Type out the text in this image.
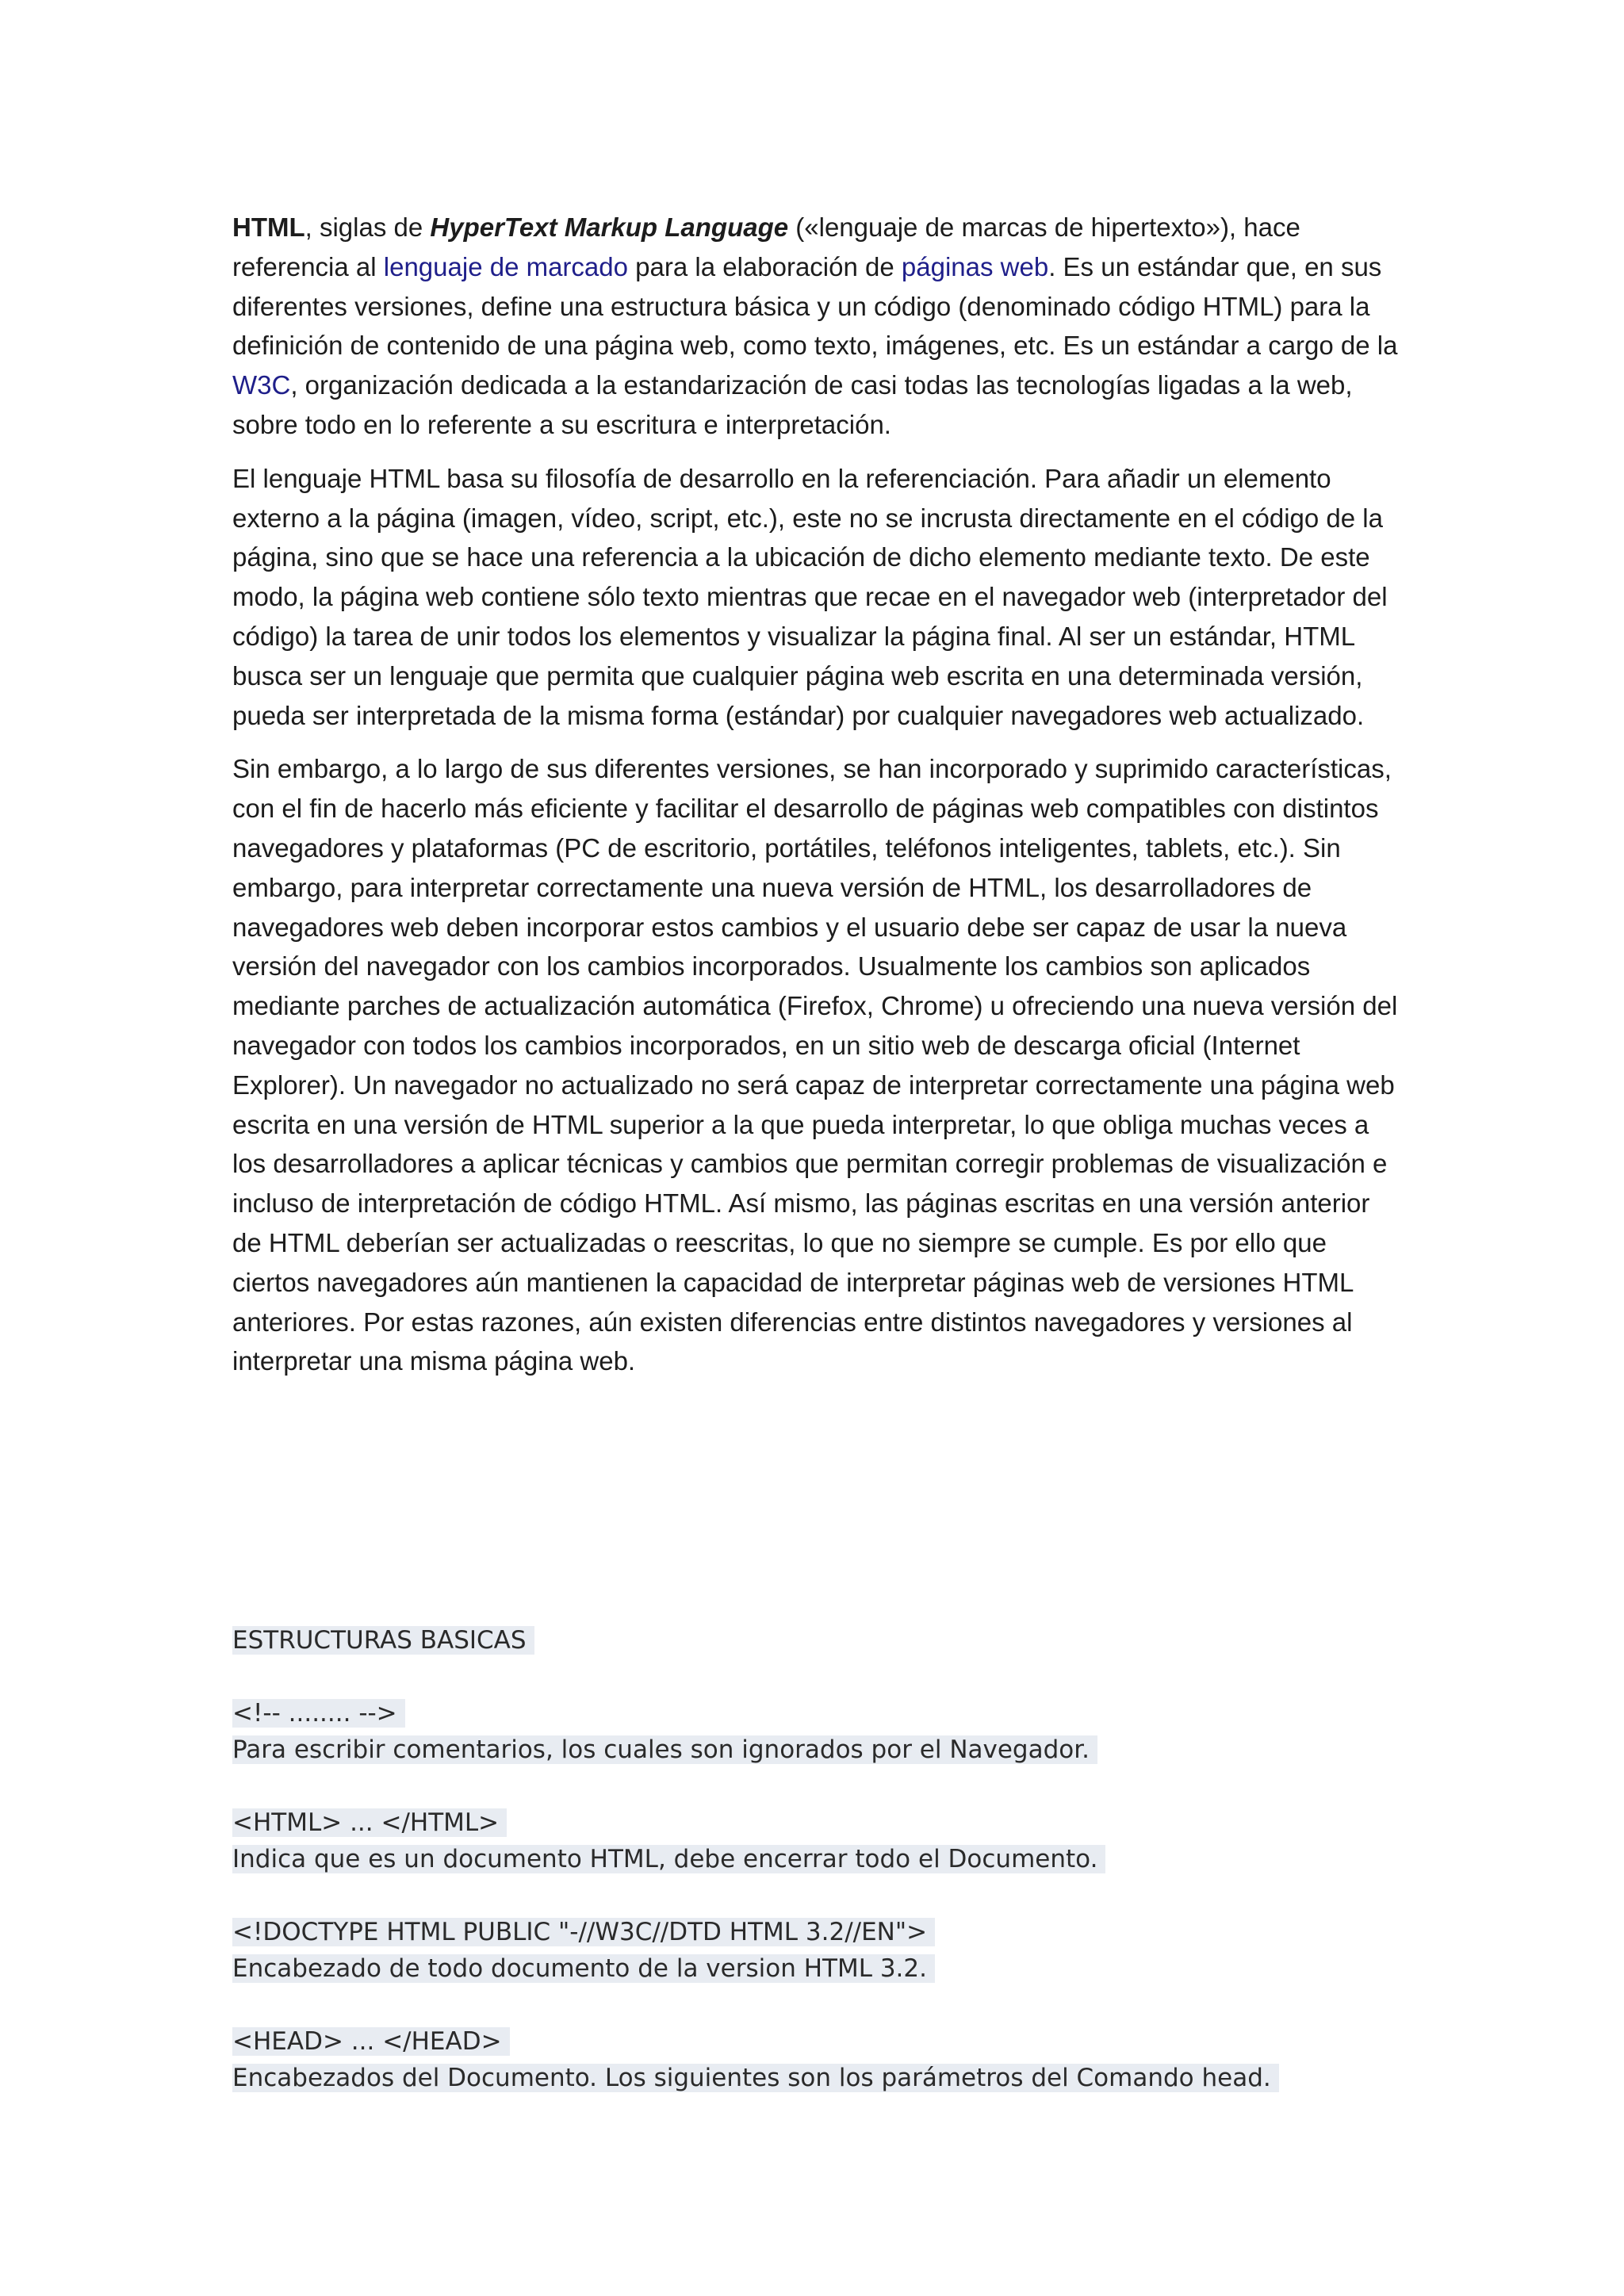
HTML, siglas de HyperText Markup Language («lenguaje de marcas de hipertexto»), hace referencia al lenguaje de marcado para la elaboración de páginas web. Es un estándar que, en sus diferentes versiones, define una estructura básica y un código (denominado código HTML) para la definición de contenido de una página web, como texto, imágenes, etc. Es un estándar a cargo de la W3C, organización dedicada a la estandarización de casi todas las tecnologías ligadas a la web, sobre todo en lo referente a su escritura e interpretación.

El lenguaje HTML basa su filosofía de desarrollo en la referenciación. Para añadir un elemento externo a la página (imagen, vídeo, script, etc.), este no se incrusta directamente en el código de la página, sino que se hace una referencia a la ubicación de dicho elemento mediante texto. De este modo, la página web contiene sólo texto mientras que recae en el navegador web (interpretador del código) la tarea de unir todos los elementos y visualizar la página final. Al ser un estándar, HTML busca ser un lenguaje que permita que cualquier página web escrita en una determinada versión, pueda ser interpretada de la misma forma (estándar) por cualquier navegadores web actualizado.

Sin embargo, a lo largo de sus diferentes versiones, se han incorporado y suprimido características, con el fin de hacerlo más eficiente y facilitar el desarrollo de páginas web compatibles con distintos navegadores y plataformas (PC de escritorio, portátiles, teléfonos inteligentes, tablets, etc.). Sin embargo, para interpretar correctamente una nueva versión de HTML, los desarrolladores de navegadores web deben incorporar estos cambios y el usuario debe ser capaz de usar la nueva versión del navegador con los cambios incorporados. Usualmente los cambios son aplicados mediante parches de actualización automática (Firefox, Chrome) u ofreciendo una nueva versión del navegador con todos los cambios incorporados, en un sitio web de descarga oficial (Internet Explorer). Un navegador no actualizado no será capaz de interpretar correctamente una página web escrita en una versión de HTML superior a la que pueda interpretar, lo que obliga muchas veces a los desarrolladores a aplicar técnicas y cambios que permitan corregir problemas de visualización e incluso de interpretación de código HTML. Así mismo, las páginas escritas en una versión anterior de HTML deberían ser actualizadas o reescritas, lo que no siempre se cumple. Es por ello que ciertos navegadores aún mantienen la capacidad de interpretar páginas web de versiones HTML anteriores. Por estas razones, aún existen diferencias entre distintos navegadores y versiones al interpretar una misma página web.

ESTRUCTURAS BASICAS
<!-- ........ -->
Para escribir comentarios, los cuales son ignorados por el Navegador.
<HTML> ... </HTML>
Indica que es un documento HTML, debe encerrar todo el Documento.
<!DOCTYPE HTML PUBLIC "-//W3C//DTD HTML 3.2//EN">
Encabezado de todo documento de la version HTML 3.2.
<HEAD> ... </HEAD>
Encabezados del Documento. Los siguientes son los parámetros del Comando head.
